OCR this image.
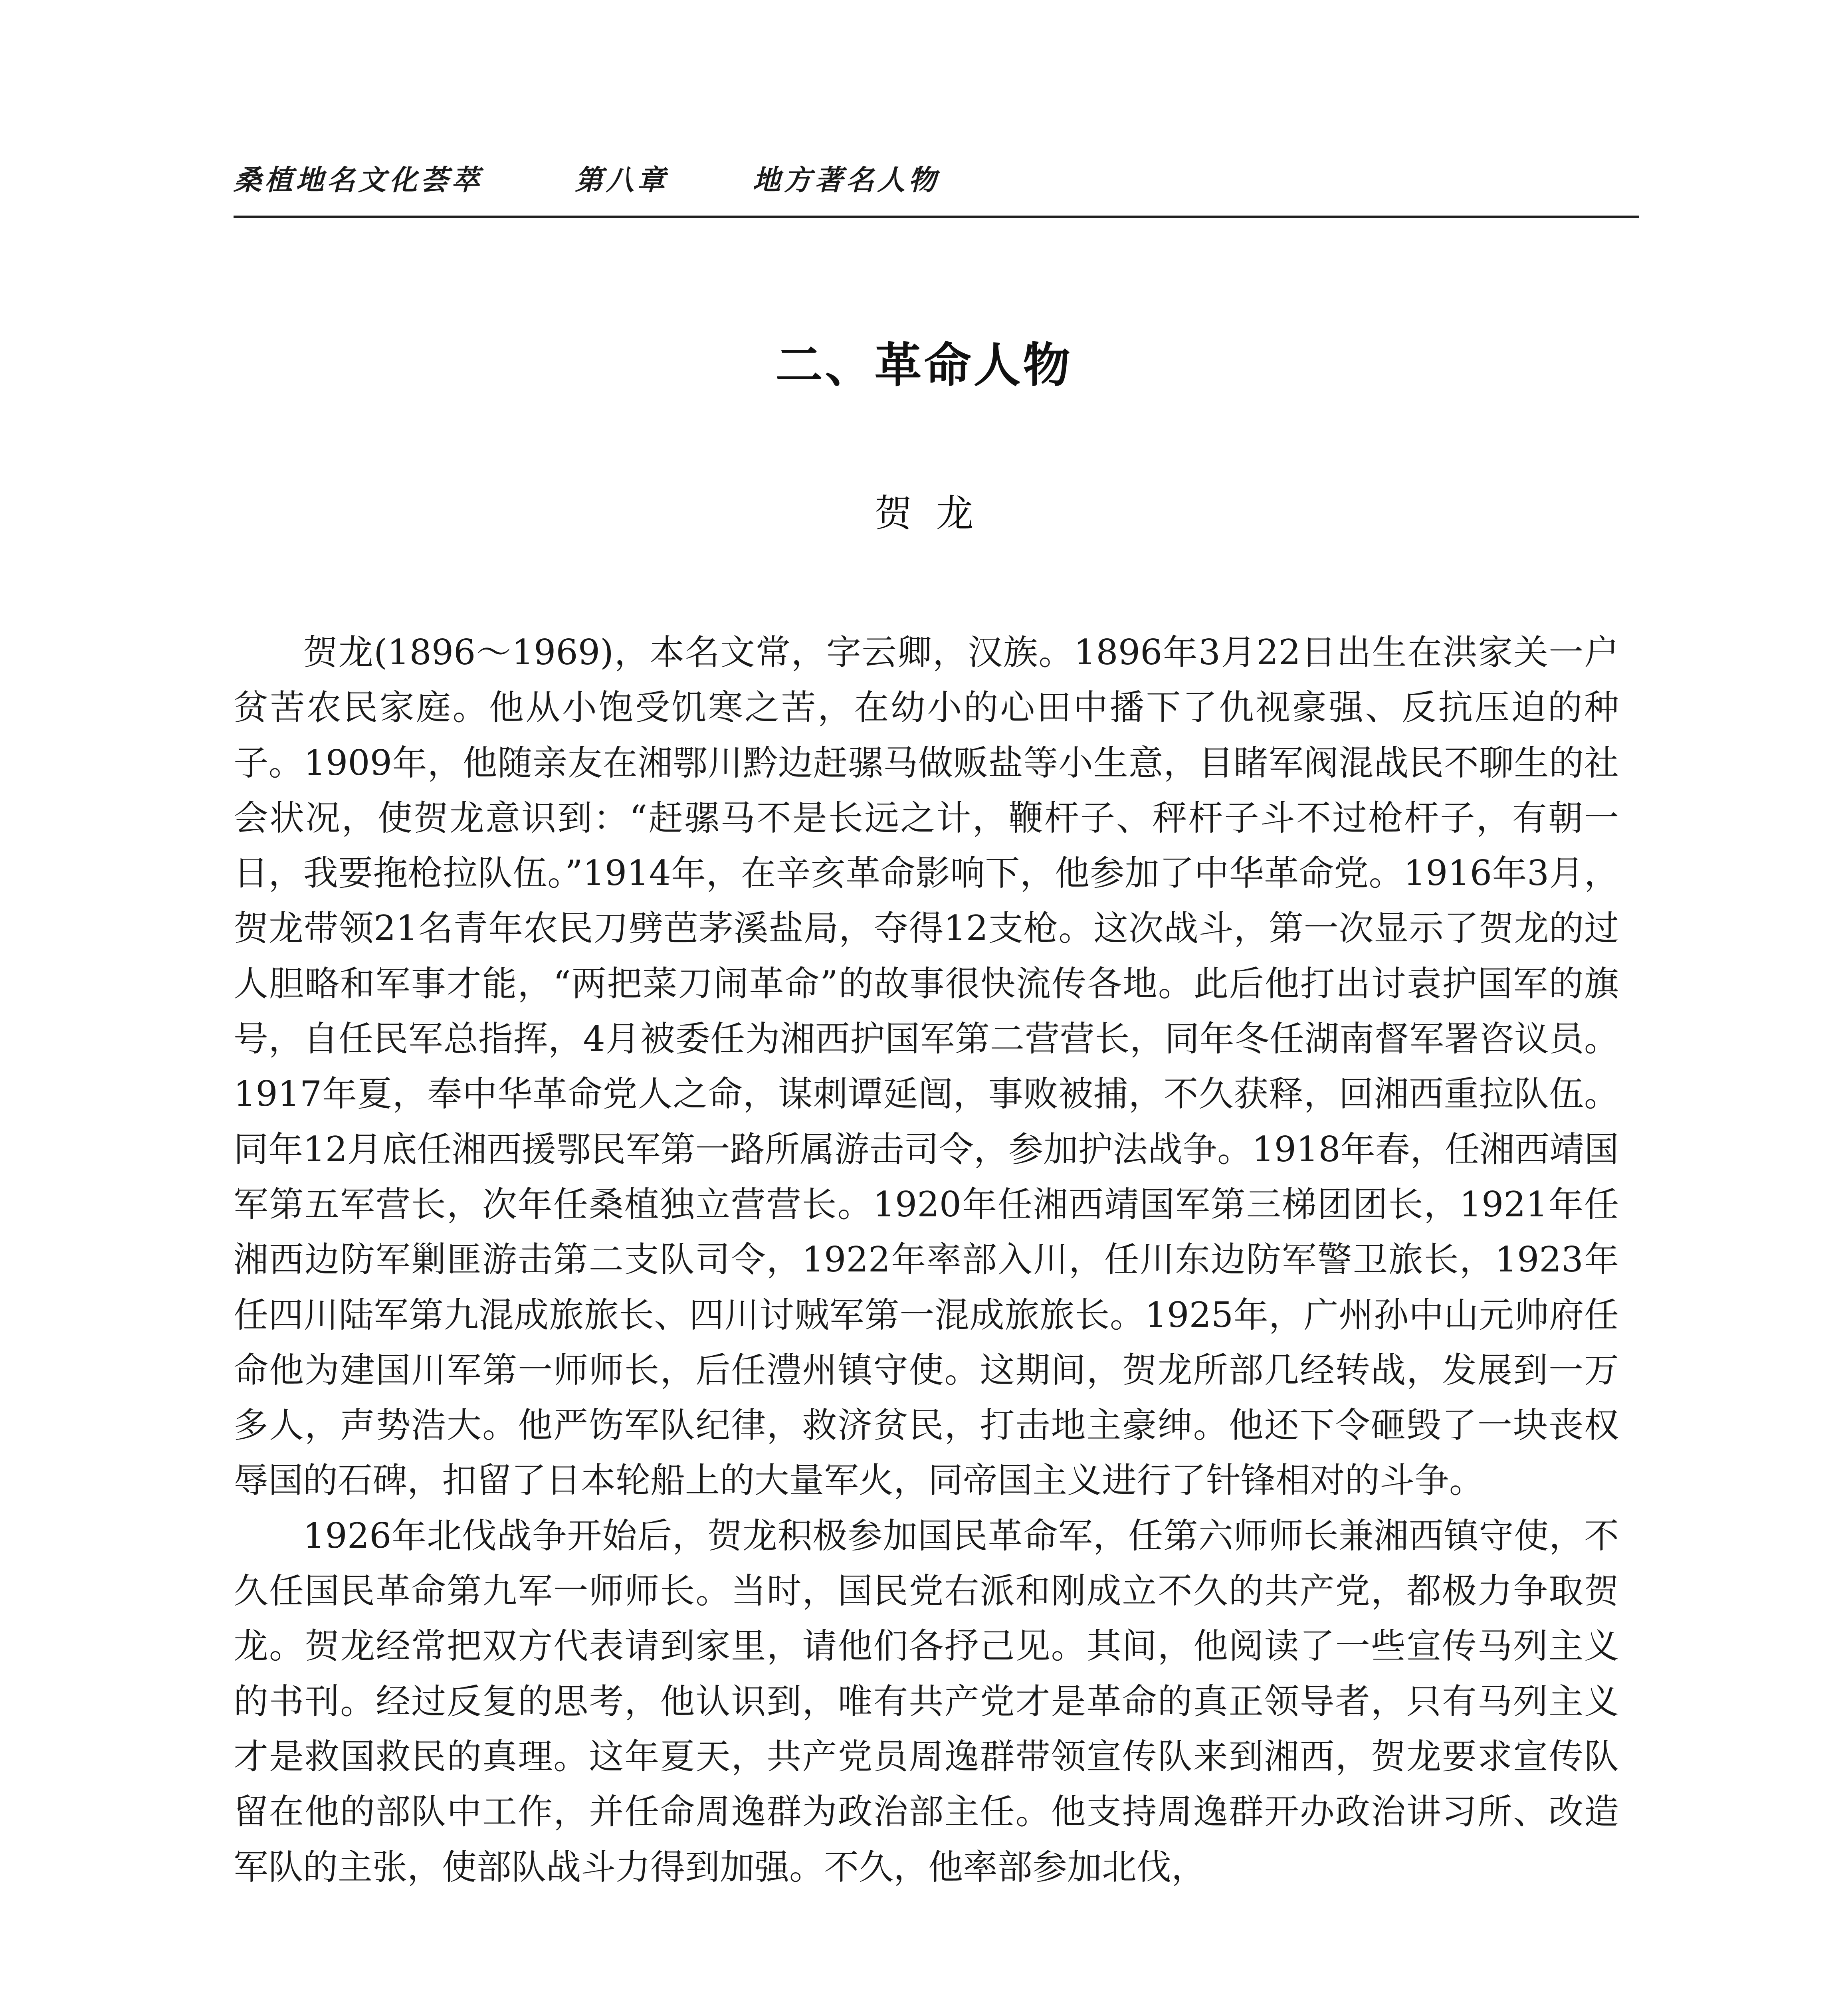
桑植地名文化荟萃	第八章	地方著名人物
二、革命人物
贺龙

贺龙(1896～1969)，本名文常，字云卿，汉族。1896年3月22日出生在洪家关一户贫苦农民家庭。他从小饱受饥寒之苦，在幼小的心田中播下了仇视豪强、反抗压迫的种子。1909年，他随亲友在湘鄂川黔边赶骡马做贩盐等小生意，目睹军阀混战民不聊生的社会状况，使贺龙意识到：“赶骡马不是长远之计，鞭杆子、秤杆子斗不过枪杆子，有朝一日，我要拖枪拉队伍。”1914年，在辛亥革命影响下，他参加了中华革命党。1916年3月，贺龙带领21名青年农民刀劈芭茅溪盐局，夺得12支枪。这次战斗，第一次显示了贺龙的过人胆略和军事才能，“两把菜刀闹革命”的故事很快流传各地。此后他打出讨袁护国军的旗号，自任民军总指挥，4月被委任为湘西护国军第二营营长，同年冬任湖南督军署咨议员。1917年夏，奉中华革命党人之命，谋刺谭延闿，事败被捕，不久获释，回湘西重拉队伍。同年12月底任湘西援鄂民军第一路所属游击司令，参加护法战争。1918年春，任湘西靖国军第五军营长，次年任桑植独立营营长。1920年任湘西靖国军第三梯团团长，1921年任湘西边防军剿匪游击第二支队司令，1922年率部入川，任川东边防军警卫旅长，1923年任四川陆军第九混成旅旅长、四川讨贼军第一混成旅旅长。1925年，广州孙中山元帅府任命他为建国川军第一师师长，后任澧州镇守使。这期间，贺龙所部几经转战，发展到一万多人，声势浩大。他严饬军队纪律，救济贫民，打击地主豪绅。他还下令砸毁了一块丧权辱国的石碑，扣留了日本轮船上的大量军火，同帝国主义进行了针锋相对的斗争。

1926年北伐战争开始后，贺龙积极参加国民革命军，任第六师师长兼湘西镇守使，不久任国民革命第九军一师师长。当时，国民党右派和刚成立不久的共产党，都极力争取贺龙。贺龙经常把双方代表请到家里，请他们各抒己见。其间，他阅读了一些宣传马列主义的书刊。经过反复的思考，他认识到，唯有共产党才是革命的真正领导者，只有马列主义才是救国救民的真理。这年夏天，共产党员周逸群带领宣传队来到湘西，贺龙要求宣传队留在他的部队中工作，并任命周逸群为政治部主任。他支持周逸群开办政治讲习所、改造军队的主张，使部队战斗力得到加强。不久，他率部参加北伐，
